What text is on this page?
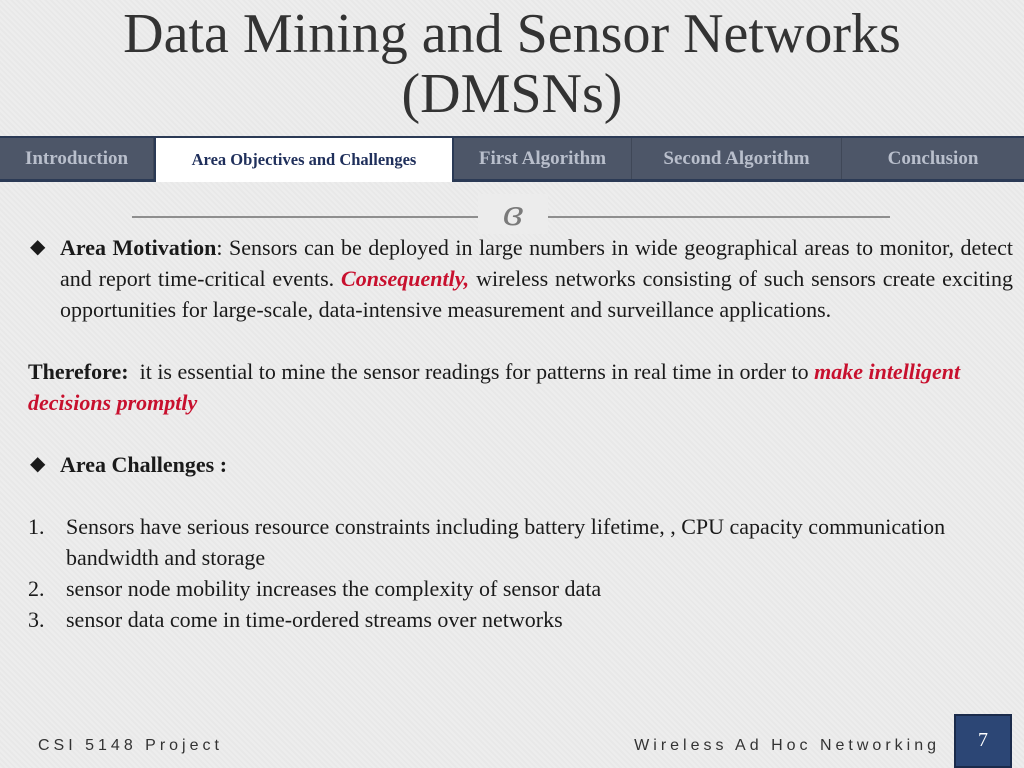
Data Mining and Sensor Networks
(DMSNs)
Introduction	Area Objectives and Challenges	First Algorithm	Second Algorithm	Conclusion
ɞ

◆ Area Motivation: Sensors can be deployed in large numbers in wide geographical areas to monitor, detect and report time-critical events. Consequently, wireless networks consisting of such sensors create exciting opportunities for large-scale, data-intensive measurement and surveillance applications.

Therefore:  it is essential to mine the sensor readings for patterns in real time in order to make intelligent decisions promptly

◆ Area Challenges :

1. Sensors have serious resource constraints including battery lifetime, , CPU capacity communication bandwidth and storage
2. sensor node mobility increases the complexity of sensor data
3. sensor data come in time-ordered streams over networks
CSI 5148 Project	Wireless Ad Hoc Networking	7
